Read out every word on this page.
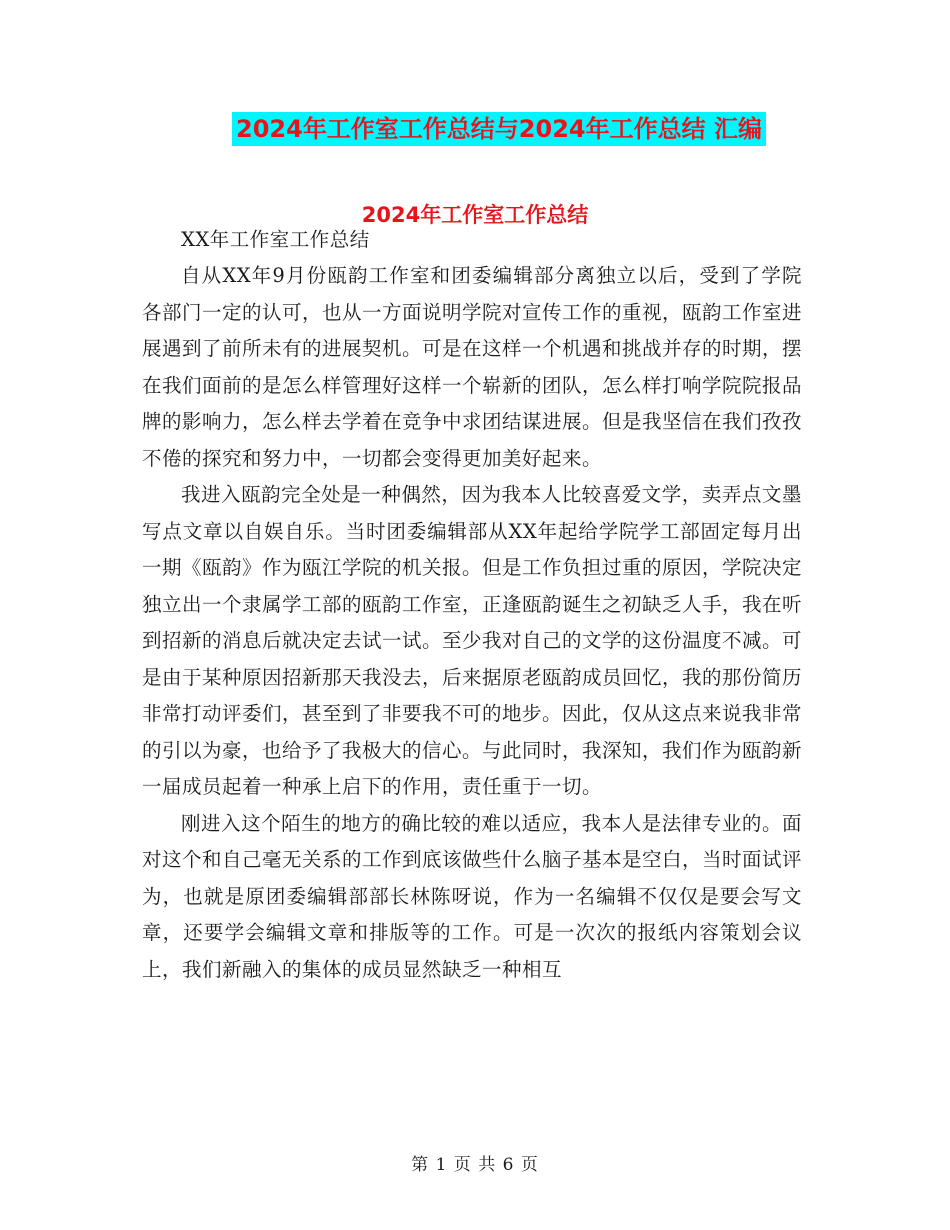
2024年工作室工作总结与2024年工作总结 汇编
2024年工作室工作总结

XX年工作室工作总结

自从XX年9月份瓯韵工作室和团委编辑部分离独立以后，受到了学院各部门一定的认可，也从一方面说明学院对宣传工作的重视，瓯韵工作室进展遇到了前所未有的进展契机。可是在这样一个机遇和挑战并存的时期，摆在我们面前的是怎么样管理好这样一个崭新的团队，怎么样打响学院院报品牌的影响力，怎么样去学着在竞争中求团结谋进展。但是我坚信在我们孜孜不倦的探究和努力中，一切都会变得更加美好起来。

我进入瓯韵完全处是一种偶然，因为我本人比较喜爱文学，卖弄点文墨写点文章以自娱自乐。当时团委编辑部从XX年起给学院学工部固定每月出一期《瓯韵》作为瓯江学院的机关报。但是工作负担过重的原因，学院决定独立出一个隶属学工部的瓯韵工作室，正逢瓯韵诞生之初缺乏人手，我在听到招新的消息后就决定去试一试。至少我对自己的文学的这份温度不减。可是由于某种原因招新那天我没去，后来据原老瓯韵成员回忆，我的那份简历非常打动评委们，甚至到了非要我不可的地步。因此，仅从这点来说我非常的引以为豪，也给予了我极大的信心。与此同时，我深知，我们作为瓯韵新一届成员起着一种承上启下的作用，责任重于一切。

刚进入这个陌生的地方的确比较的难以适应，我本人是法律专业的。面对这个和自己毫无关系的工作到底该做些什么脑子基本是空白，当时面试评为，也就是原团委编辑部部长林陈呀说，作为一名编辑不仅仅是要会写文章，还要学会编辑文章和排版等的工作。可是一次次的报纸内容策划会议上，我们新融入的集体的成员显然缺乏一种相互

第 1 页 共 6 页
